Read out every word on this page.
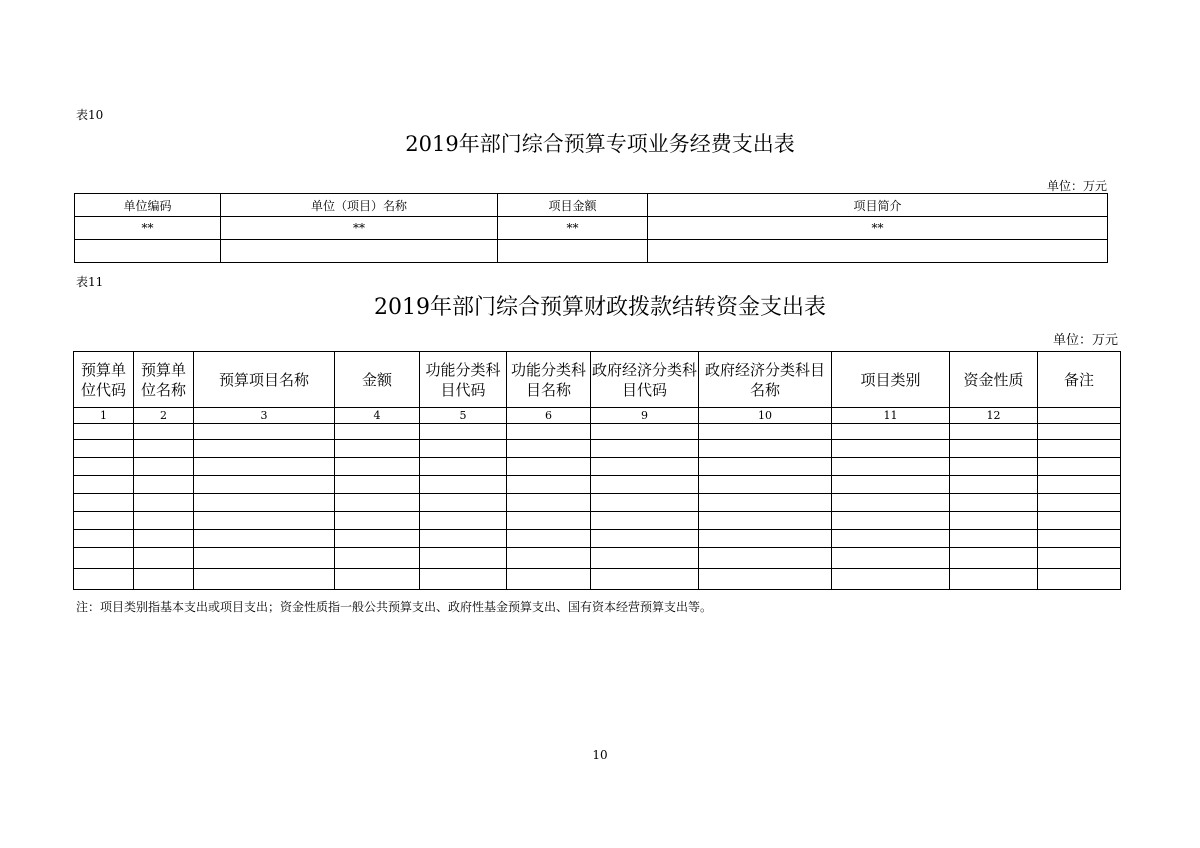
表10
2019年部门综合预算专项业务经费支出表
单位：万元
单位编码	单位（项目）名称	项目金额	项目简介
**	**	**	**

表11
2019年部门综合预算财政拨款结转资金支出表
单位：万元
预算单位代码	预算单位名称	预算项目名称	金额	功能分类科目代码	功能分类科目名称	政府经济分类科目代码	政府经济分类科目名称	项目类别	资金性质	备注
1	2	3	4	5	6	9	10	11	12	

注：项目类别指基本支出或项目支出；资金性质指一般公共预算支出、政府性基金预算支出、国有资本经营预算支出等。
10
